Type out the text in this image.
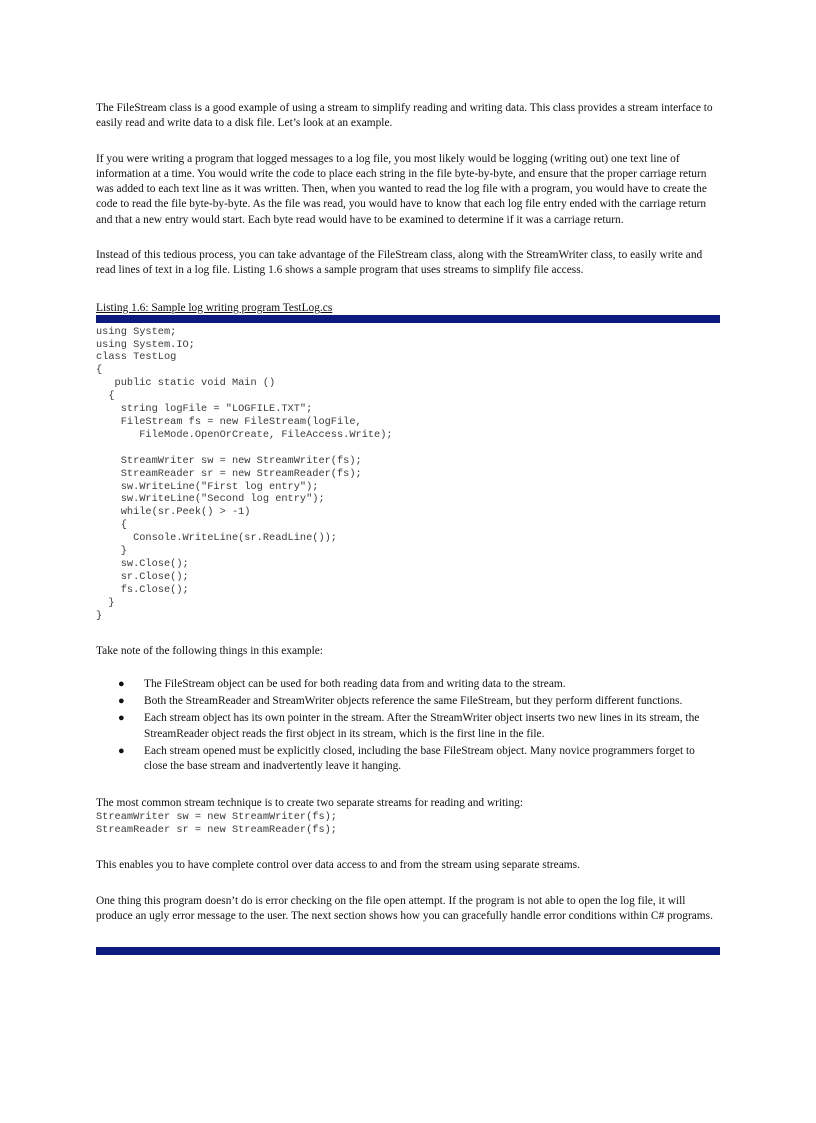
The FileStream class is a good example of using a stream to simplify reading and writing data. This class provides a stream interface to easily read and write data to a disk file. Let’s look at an example.

If you were writing a program that logged messages to a log file, you most likely would be logging (writing out) one text line of information at a time. You would write the code to place each string in the file byte-by-byte, and ensure that the proper carriage return was added to each text line as it was written. Then, when you wanted to read the log file with a program, you would have to create the code to read the file byte-by-byte. As the file was read, you would have to know that each log file entry ended with the carriage return and that a new entry would start. Each byte read would have to be examined to determine if it was a carriage return.

Instead of this tedious process, you can take advantage of the FileStream class, along with the StreamWriter class, to easily write and read lines of text in a log file. Listing 1.6 shows a sample program that uses streams to simplify file access.

Listing 1.6: Sample log writing program TestLog.cs
using System;
using System.IO;
class TestLog
{
public static void Main ()
{
string logFile = "LOGFILE.TXT";
FileStream fs = new FileStream(logFile,
FileMode.OpenOrCreate, FileAccess.Write);

StreamWriter sw = new StreamWriter(fs);
StreamReader sr = new StreamReader(fs);
sw.WriteLine("First log entry");
sw.WriteLine("Second log entry");
while(sr.Peek() > -1)
{
Console.WriteLine(sr.ReadLine());
}
sw.Close();
sr.Close();
fs.Close();
}
}

Take note of the following things in this example:

● The FileStream object can be used for both reading data from and writing data to the stream.
● Both the StreamReader and StreamWriter objects reference the same FileStream, but they perform different functions.
● Each stream object has its own pointer in the stream. After the StreamWriter object inserts two new lines in its stream, the StreamReader object reads the first object in its stream, which is the first line in the file.
● Each stream opened must be explicitly closed, including the base FileStream object. Many novice programmers forget to close the base stream and inadvertently leave it hanging.

The most common stream technique is to create two separate streams for reading and writing:

StreamWriter sw = new StreamWriter(fs);
StreamReader sr = new StreamReader(fs);

This enables you to have complete control over data access to and from the stream using separate streams.

One thing this program doesn’t do is error checking on the file open attempt. If the program is not able to open the log file, it will produce an ugly error message to the user. The next section shows how you can gracefully handle error conditions within C# programs.
